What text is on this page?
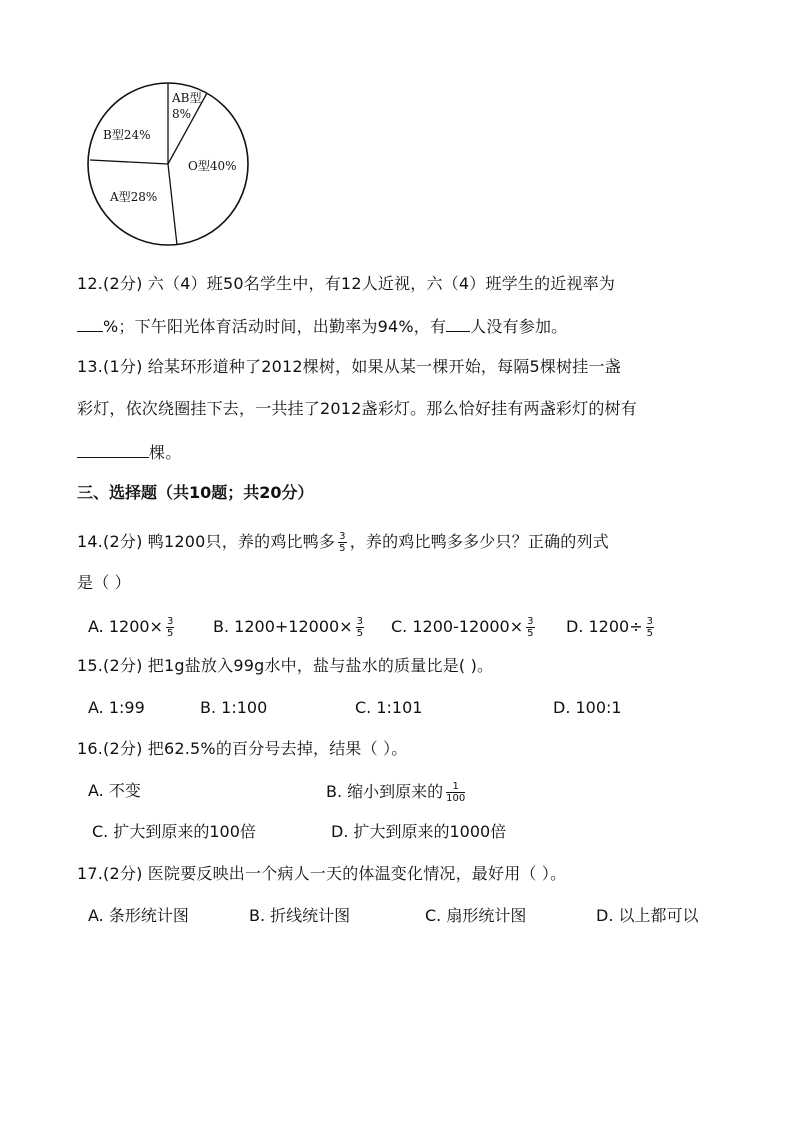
AB型
8%
B型24%
A型28%
O型40%
12.(2分) 六（4）班50名学生中，有12人近视，六（4）班学生的近视率为
%；下午阳光体育活动时间，出勤率为94%，有 人没有参加。
13.(1分) 给某环形道种了2012棵树，如果从某一棵开始，每隔5棵树挂一盏
彩灯，依次绕圈挂下去，一共挂了2012盏彩灯。那么恰好挂有两盏彩灯的树有
棵。
三、选择题（共10题；共20分）
14.(2分) 鸭1200只，养的鸡比鸭多 $\frac{3}{5}$ ，养的鸡比鸭多多少只？正确的列式
是（ ）
A. $1200\times \frac{3}{5} B$. $1200+12000\times \frac{3}{5} C$. $1200-12000\times \frac{3}{5} D$. $1200\div \frac{3}{5}$
15.(2分) 把1g盐放入99g水中，盐与盐水的质量比是( )。
A. 1:99	B. 1:100	C. 1:101	D. 100:1
16.(2分) 把62.5%的百分号去掉，结果（ ）。
A. 不变	B. 缩小到原来的 $\frac{1}{100}$
C. 扩大到原来的100倍	D. 扩大到原来的1000倍
17.(2分) 医院要反映出一个病人一天的体温变化情况，最好用（ ）。
A. 条形统计图	B. 折线统计图	C. 扇形统计图	D. 以上都可以
